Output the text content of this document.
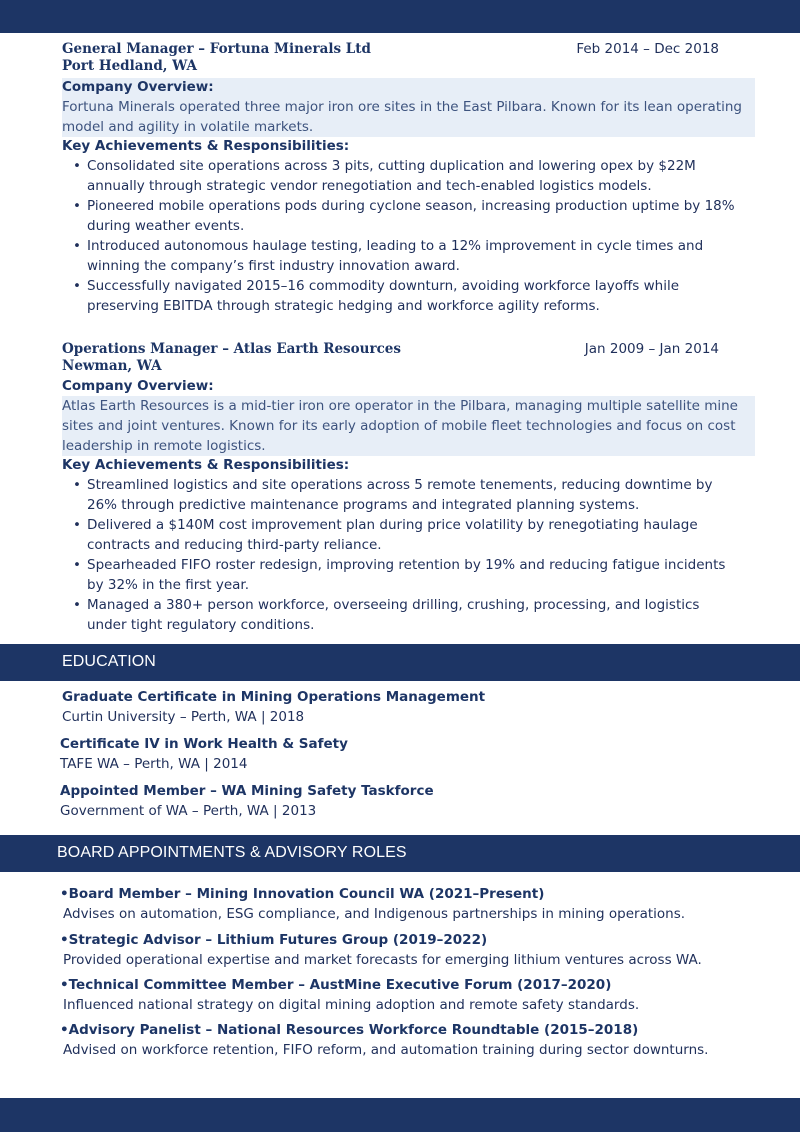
General Manager – Fortuna Minerals Ltd	Feb 2014 – Dec 2018
Port Hedland, WA
Company Overview:
Fortuna Minerals operated three major iron ore sites in the East Pilbara. Known for its lean operating model and agility in volatile markets.
Key Achievements & Responsibilities:
• Consolidated site operations across 3 pits, cutting duplication and lowering opex by $22M annually through strategic vendor renegotiation and tech-enabled logistics models.
• Pioneered mobile operations pods during cyclone season, increasing production uptime by 18% during weather events.
• Introduced autonomous haulage testing, leading to a 12% improvement in cycle times and winning the company’s first industry innovation award.
• Successfully navigated 2015–16 commodity downturn, avoiding workforce layoffs while preserving EBITDA through strategic hedging and workforce agility reforms.
Operations Manager – Atlas Earth Resources	Jan 2009 – Jan 2014
Newman, WA
Company Overview:
Atlas Earth Resources is a mid-tier iron ore operator in the Pilbara, managing multiple satellite mine sites and joint ventures. Known for its early adoption of mobile fleet technologies and focus on cost leadership in remote logistics.
Key Achievements & Responsibilities:
• Streamlined logistics and site operations across 5 remote tenements, reducing downtime by 26% through predictive maintenance programs and integrated planning systems.
• Delivered a $140M cost improvement plan during price volatility by renegotiating haulage contracts and reducing third-party reliance.
• Spearheaded FIFO roster redesign, improving retention by 19% and reducing fatigue incidents by 32% in the first year.
• Managed a 380+ person workforce, overseeing drilling, crushing, processing, and logistics under tight regulatory conditions.
EDUCATION
Graduate Certificate in Mining Operations Management
Curtin University – Perth, WA | 2018
Certificate IV in Work Health & Safety
TAFE WA – Perth, WA | 2014
Appointed Member – WA Mining Safety Taskforce
Government of WA – Perth, WA | 2013
BOARD APPOINTMENTS & ADVISORY ROLES
•Board Member – Mining Innovation Council WA (2021–Present)
Advises on automation, ESG compliance, and Indigenous partnerships in mining operations.
•Strategic Advisor – Lithium Futures Group (2019–2022)
Provided operational expertise and market forecasts for emerging lithium ventures across WA.
•Technical Committee Member – AustMine Executive Forum (2017–2020)
Influenced national strategy on digital mining adoption and remote safety standards.
•Advisory Panelist – National Resources Workforce Roundtable (2015–2018)
Advised on workforce retention, FIFO reform, and automation training during sector downturns.
